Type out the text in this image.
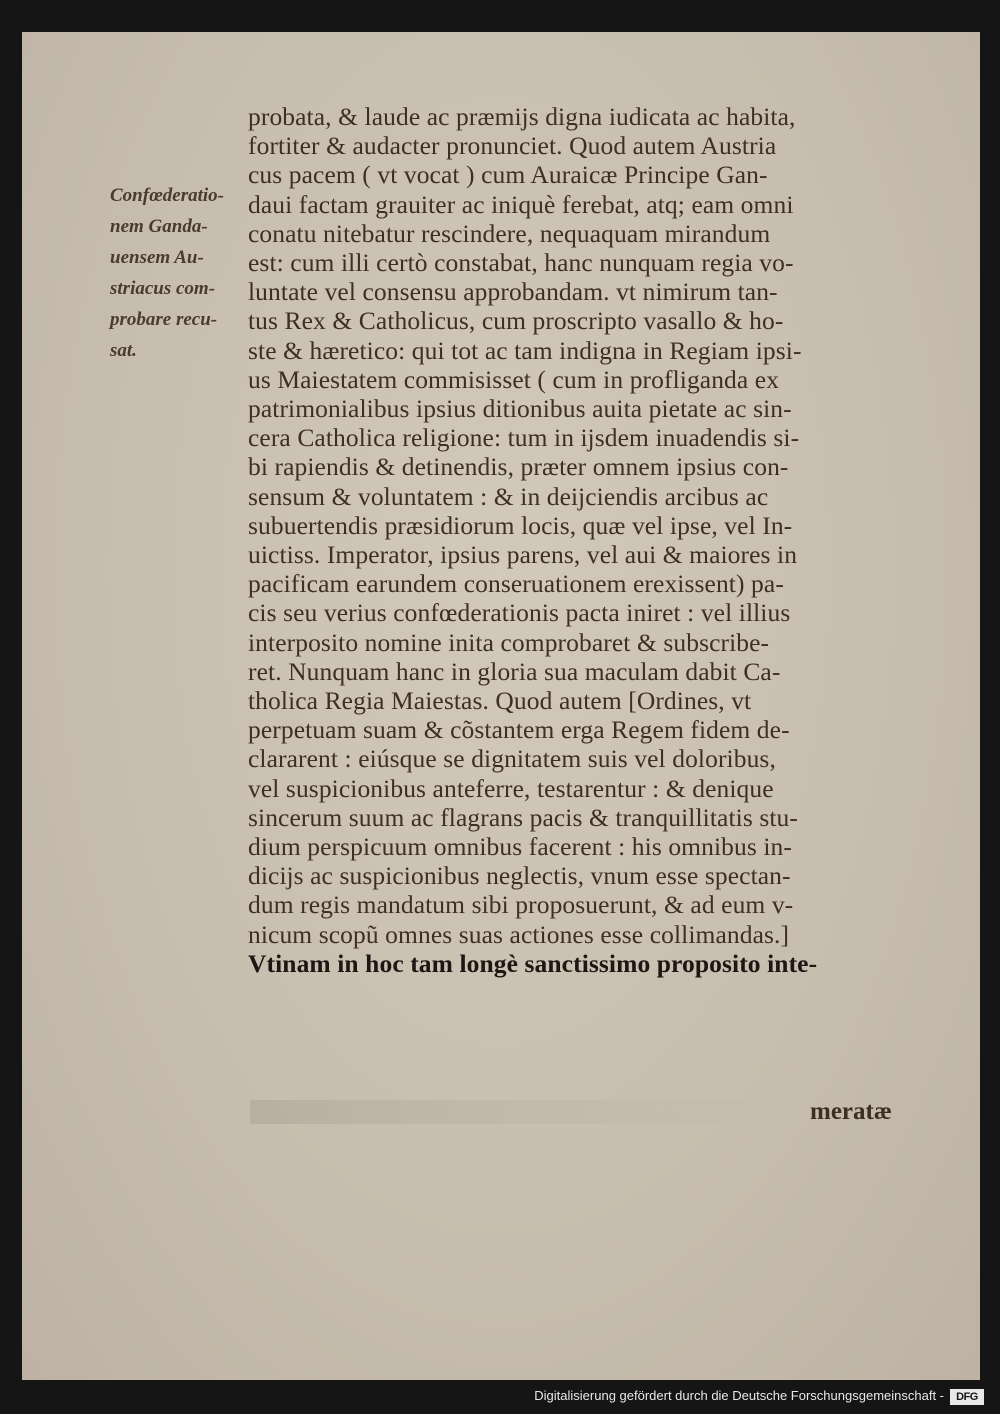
Confœderatio-
nem Ganda-
uensem Au-
striacus com-
probare recu-
sat.
probata, & laude ac præmĳs digna iudicata ac habita,
fortiter & audacter pronunciet. Quod autem Austria
cus pacem ( vt vocat ) cum Auraicæ Principe Gan-
daui factam grauiter ac iniquè ferebat, atq; eam omni
conatu nitebatur rescindere, nequaquam mirandum
est: cum illi certò constabat, hanc nunquam regia vo-
luntate vel consensu approbandam. vt nimirum tan-
tus Rex & Catholicus, cum proscripto vasallo & ho-
ste & hæretico: qui tot ac tam indigna in Regiam ipsi-
us Maiestatem commisisset ( cum in profliganda ex
patrimonialibus ipsius ditionibus auita pietate ac sin-
cera Catholica religione: tum in ĳsdem inuadendis si-
bi rapiendis & detinendis, præter omnem ipsius con-
sensum & voluntatem : & in deĳciendis arcibus ac
subuertendis præsidiorum locis, quæ vel ipse, vel In-
uictiss. Imperator, ipsius parens, vel aui & maiores in
pacificam earundem conseruationem erexissent) pa-
cis seu verius confœderationis pacta iniret : vel illius
interposito nomine inita comprobaret & subscribe-
ret. Nunquam hanc in gloria sua maculam dabit Ca-
tholica Regia Maiestas. Quod autem [Ordines, vt
perpetuam suam & cõstantem erga Regem fidem de-
clararent : eiúsque se dignitatem suis vel doloribus,
vel suspicionibus anteferre, testarentur : & denique
sincerum suum ac flagrans pacis & tranquillitatis stu-
dium perspicuum omnibus facerent : his omnibus in-
dicĳs ac suspicionibus neglectis, vnum esse spectan-
dum regis mandatum sibi proposuerunt, & ad eum v-
nicum scopũ omnes suas actiones esse collimandas.]
Vtinam in hoc tam longè sanctissimo proposito inte-
meratæ
Digitalisierung gefördert durch die Deutsche Forschungsgemeinschaft -	DFG
